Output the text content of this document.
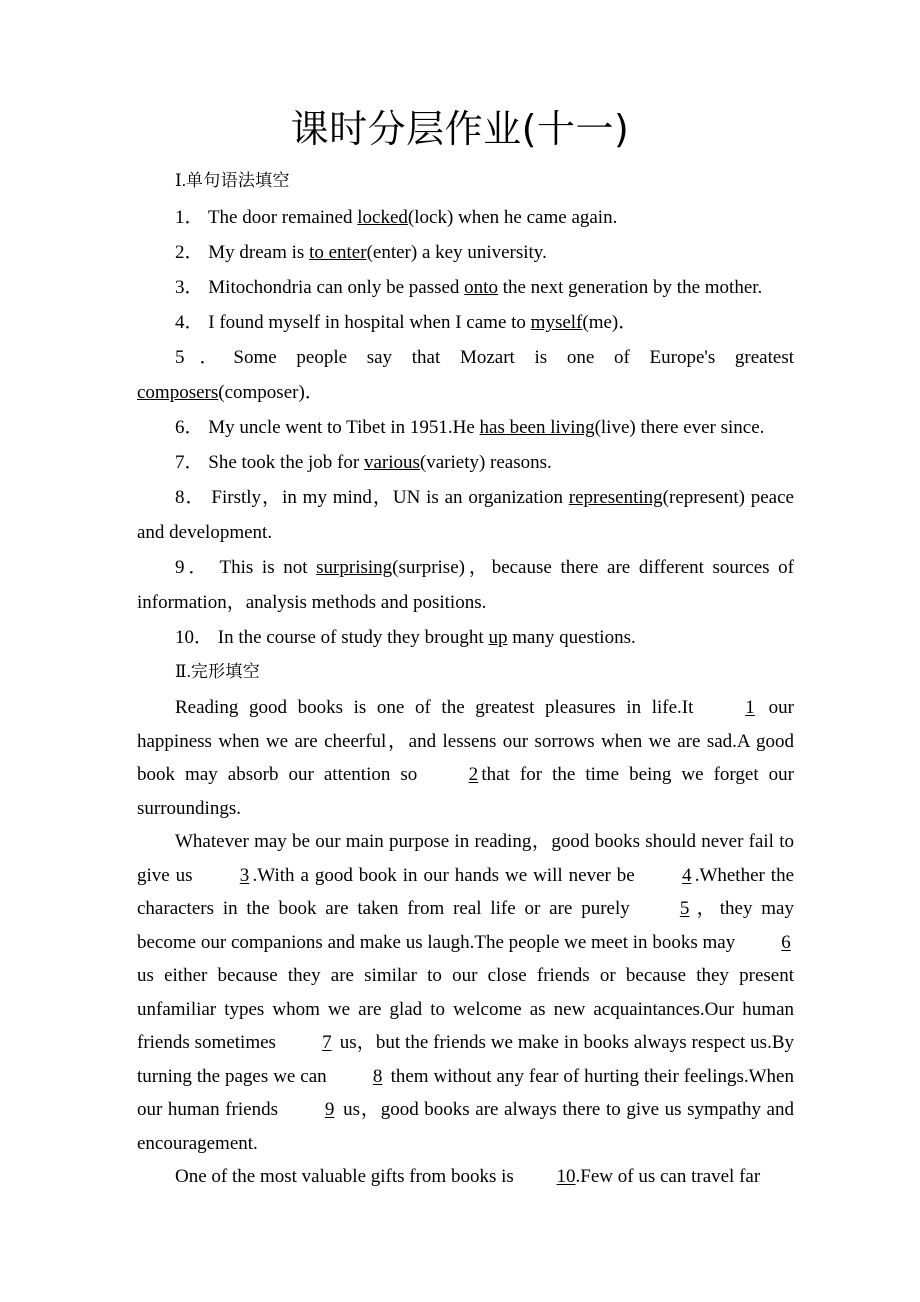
课时分层作业(十一)
Ⅰ.单句语法填空

1． The door remained locked(lock) when he came again.

2． My dream is to enter(enter) a key university.

3． Mitochondria can only be passed onto the next generation by the mother.

4． I found myself in hospital when I came to myself(me)．

5．Some people say that Mozart is one of Europe's greatest composers(composer)．

6． My uncle went to Tibet in 1951.He has been living(live) there ever since.

7． She took the job for various(variety) reasons.

8． Firstly，in my mind，UN is an organization representing(represent) peace and development.

9． This is not surprising(surprise)，because there are different sources of information，analysis methods and positions.

10． In the course of study they brought up many questions.

Ⅱ.完形填空

Reading good books is one of the greatest pleasures in life.It 1 our happiness when we are cheerful，and lessens our sorrows when we are sad.A good book may absorb our attention so 2 that for the time being we forget our surroundings.

Whatever may be our main purpose in reading，good books should never fail to give us 3 .With a good book in our hands we will never be 4 .Whether the characters in the book are taken from real life or are purely 5 ，they may become our companions and make us laugh.The people we meet in books may 6 us either because they are similar to our close friends or because they present unfamiliar types whom we are glad to welcome as new acquaintances.Our human friends sometimes 7 us，but the friends we make in books always respect us.By turning the pages we can 8 them without any fear of hurting their feelings.When our human friends 9 us，good books are always there to give us sympathy and encouragement.

One of the most valuable gifts from books is 10.Few of us can travel far
